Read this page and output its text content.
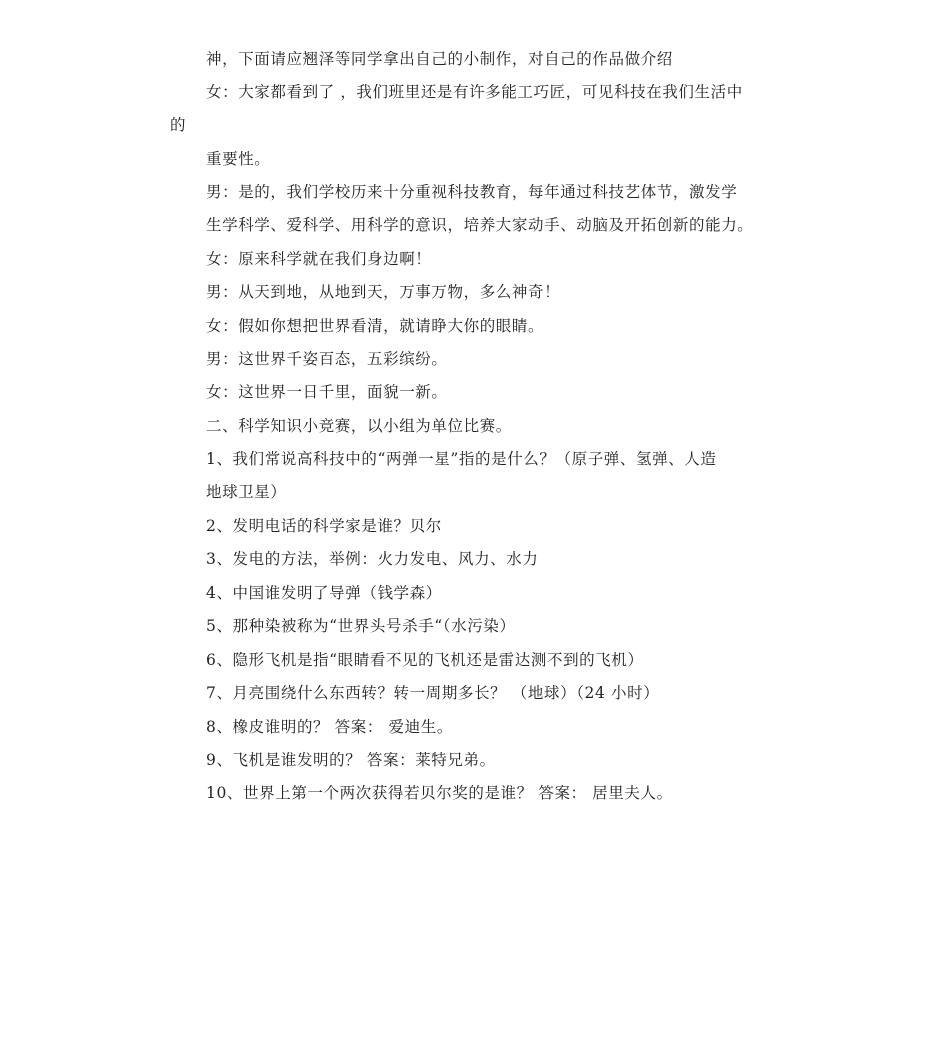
神，下面请应翘泽等同学拿出自己的小制作，对自己的作品做介绍
女：大家都看到了 ，我们班里还是有许多能工巧匠，可见科技在我们生活中
的
重要性。
男：是的，我们学校历来十分重视科技教育，每年通过科技艺体节，激发学
生学科学、爱科学、用科学的意识，培养大家动手、动脑及开拓创新的能力。
女：原来科学就在我们身边啊！
男：从天到地，从地到天，万事万物，多么神奇！
女：假如你想把世界看清，就请睁大你的眼睛。
男：这世界千姿百态，五彩缤纷。
女：这世界一日千里，面貌一新。
二、科学知识小竞赛，以小组为单位比赛。
1、我们常说高科技中的“两弹一星”指的是什么？（原子弹、氢弹、人造
地球卫星）
2、发明电话的科学家是谁？贝尔
3、发电的方法，举例：火力发电、风力、水力
4、中国谁发明了导弹（钱学森）
5、那种染被称为“世界头号杀手“（水污染）
6、隐形飞机是指“眼睛看不见的飞机还是雷达测不到的飞机）
7、月亮围绕什么东西转？转一周期多长？ （地球）（24 小时）
8、橡皮谁明的？ 答案： 爱迪生。
9、飞机是谁发明的？ 答案：莱特兄弟。
10、世界上第一个两次获得若贝尔奖的是谁？ 答案： 居里夫人。
